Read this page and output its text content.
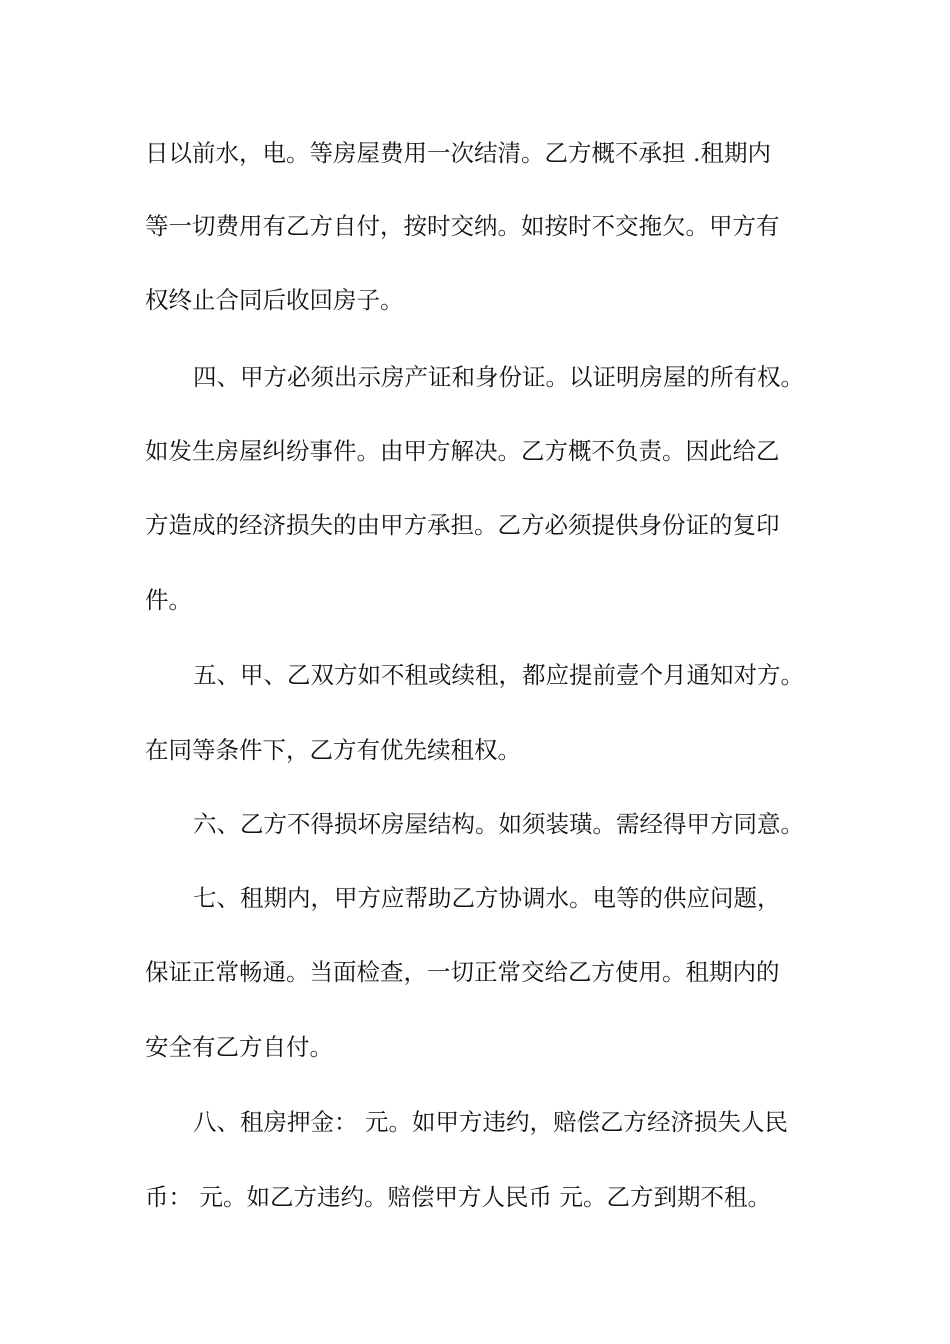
日以前水，电。等房屋费用一次结清。乙方概不承担 .租期内
等一切费用有乙方自付，按时交纳。如按时不交拖欠。甲方有
权终止合同后收回房子。
四、甲方必须出示房产证和身份证。以证明房屋的所有权。
如发生房屋纠纷事件。由甲方解决。乙方概不负责。因此给乙
方造成的经济损失的由甲方承担。乙方必须提供身份证的复印
件。
五、甲、乙双方如不租或续租，都应提前壹个月通知对方。
在同等条件下，乙方有优先续租权。
六、乙方不得损坏房屋结构。如须装璜。需经得甲方同意。
七、租期内，甲方应帮助乙方协调水。电等的供应问题，
保证正常畅通。当面检查，一切正常交给乙方使用。租期内的
安全有乙方自付。
八、租房押金： 元。如甲方违约，赔偿乙方经济损失人民
币： 元。如乙方违约。赔偿甲方人民币 元。乙方到期不租。
